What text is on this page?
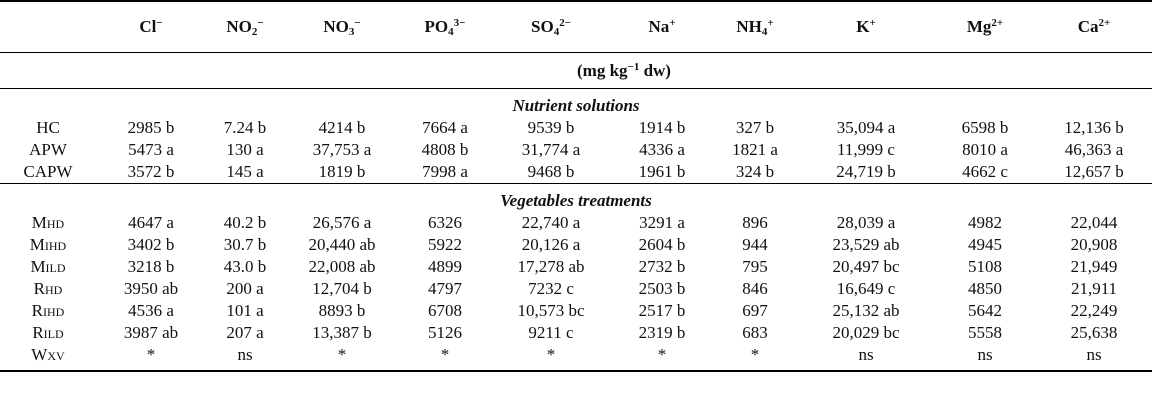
	Cl−	$NO_2^-$	$NO_3^-$	$PO_4^{3-}$	$SO_4^{2-}$	Na+	$NH_4^+$	K+	$Mg^{2+}$	$Ca^{2+}$
	(mg $kg^{-1}$ dw)									
Nutrient solutions										
HC	2985 b	7.24 b	4214 b	7664 a	9539 b	1914 b	327 b	35,094 a	6598 b	12,136 b
APW	5473 a	130 a	37,753 a	4808 b	31,774 a	4336 a	1821 a	11,999 c	8010 a	46,363 a
CAPW	3572 b	145 a	1819 b	7998 a	9468 b	1961 b	324 b	24,719 b	4662 c	12,657 b
Vegetables treatments										
Mhd	4647 a	40.2 b	26,576 a	6326	22,740 a	3291 a	896	28,039 a	4982	22,044
Mihd	3402 b	30.7 b	20,440 ab	5922	20,126 a	2604 b	944	23,529 ab	4945	20,908
Mild	3218 b	43.0 b	22,008 ab	4899	17,278 ab	2732 b	795	20,497 bc	5108	21,949
Rhd	3950 ab	200 a	12,704 b	4797	7232 c	2503 b	846	16,649 c	4850	21,911
Rihd	4536 a	101 a	8893 b	6708	10,573 bc	2517 b	697	25,132 ab	5642	22,249
Rild	3987 ab	207 a	13,387 b	5126	9211 c	2319 b	683	20,029 bc	5558	25,638
Wxv	*	ns	*	*	*	*	*	ns	ns	ns
